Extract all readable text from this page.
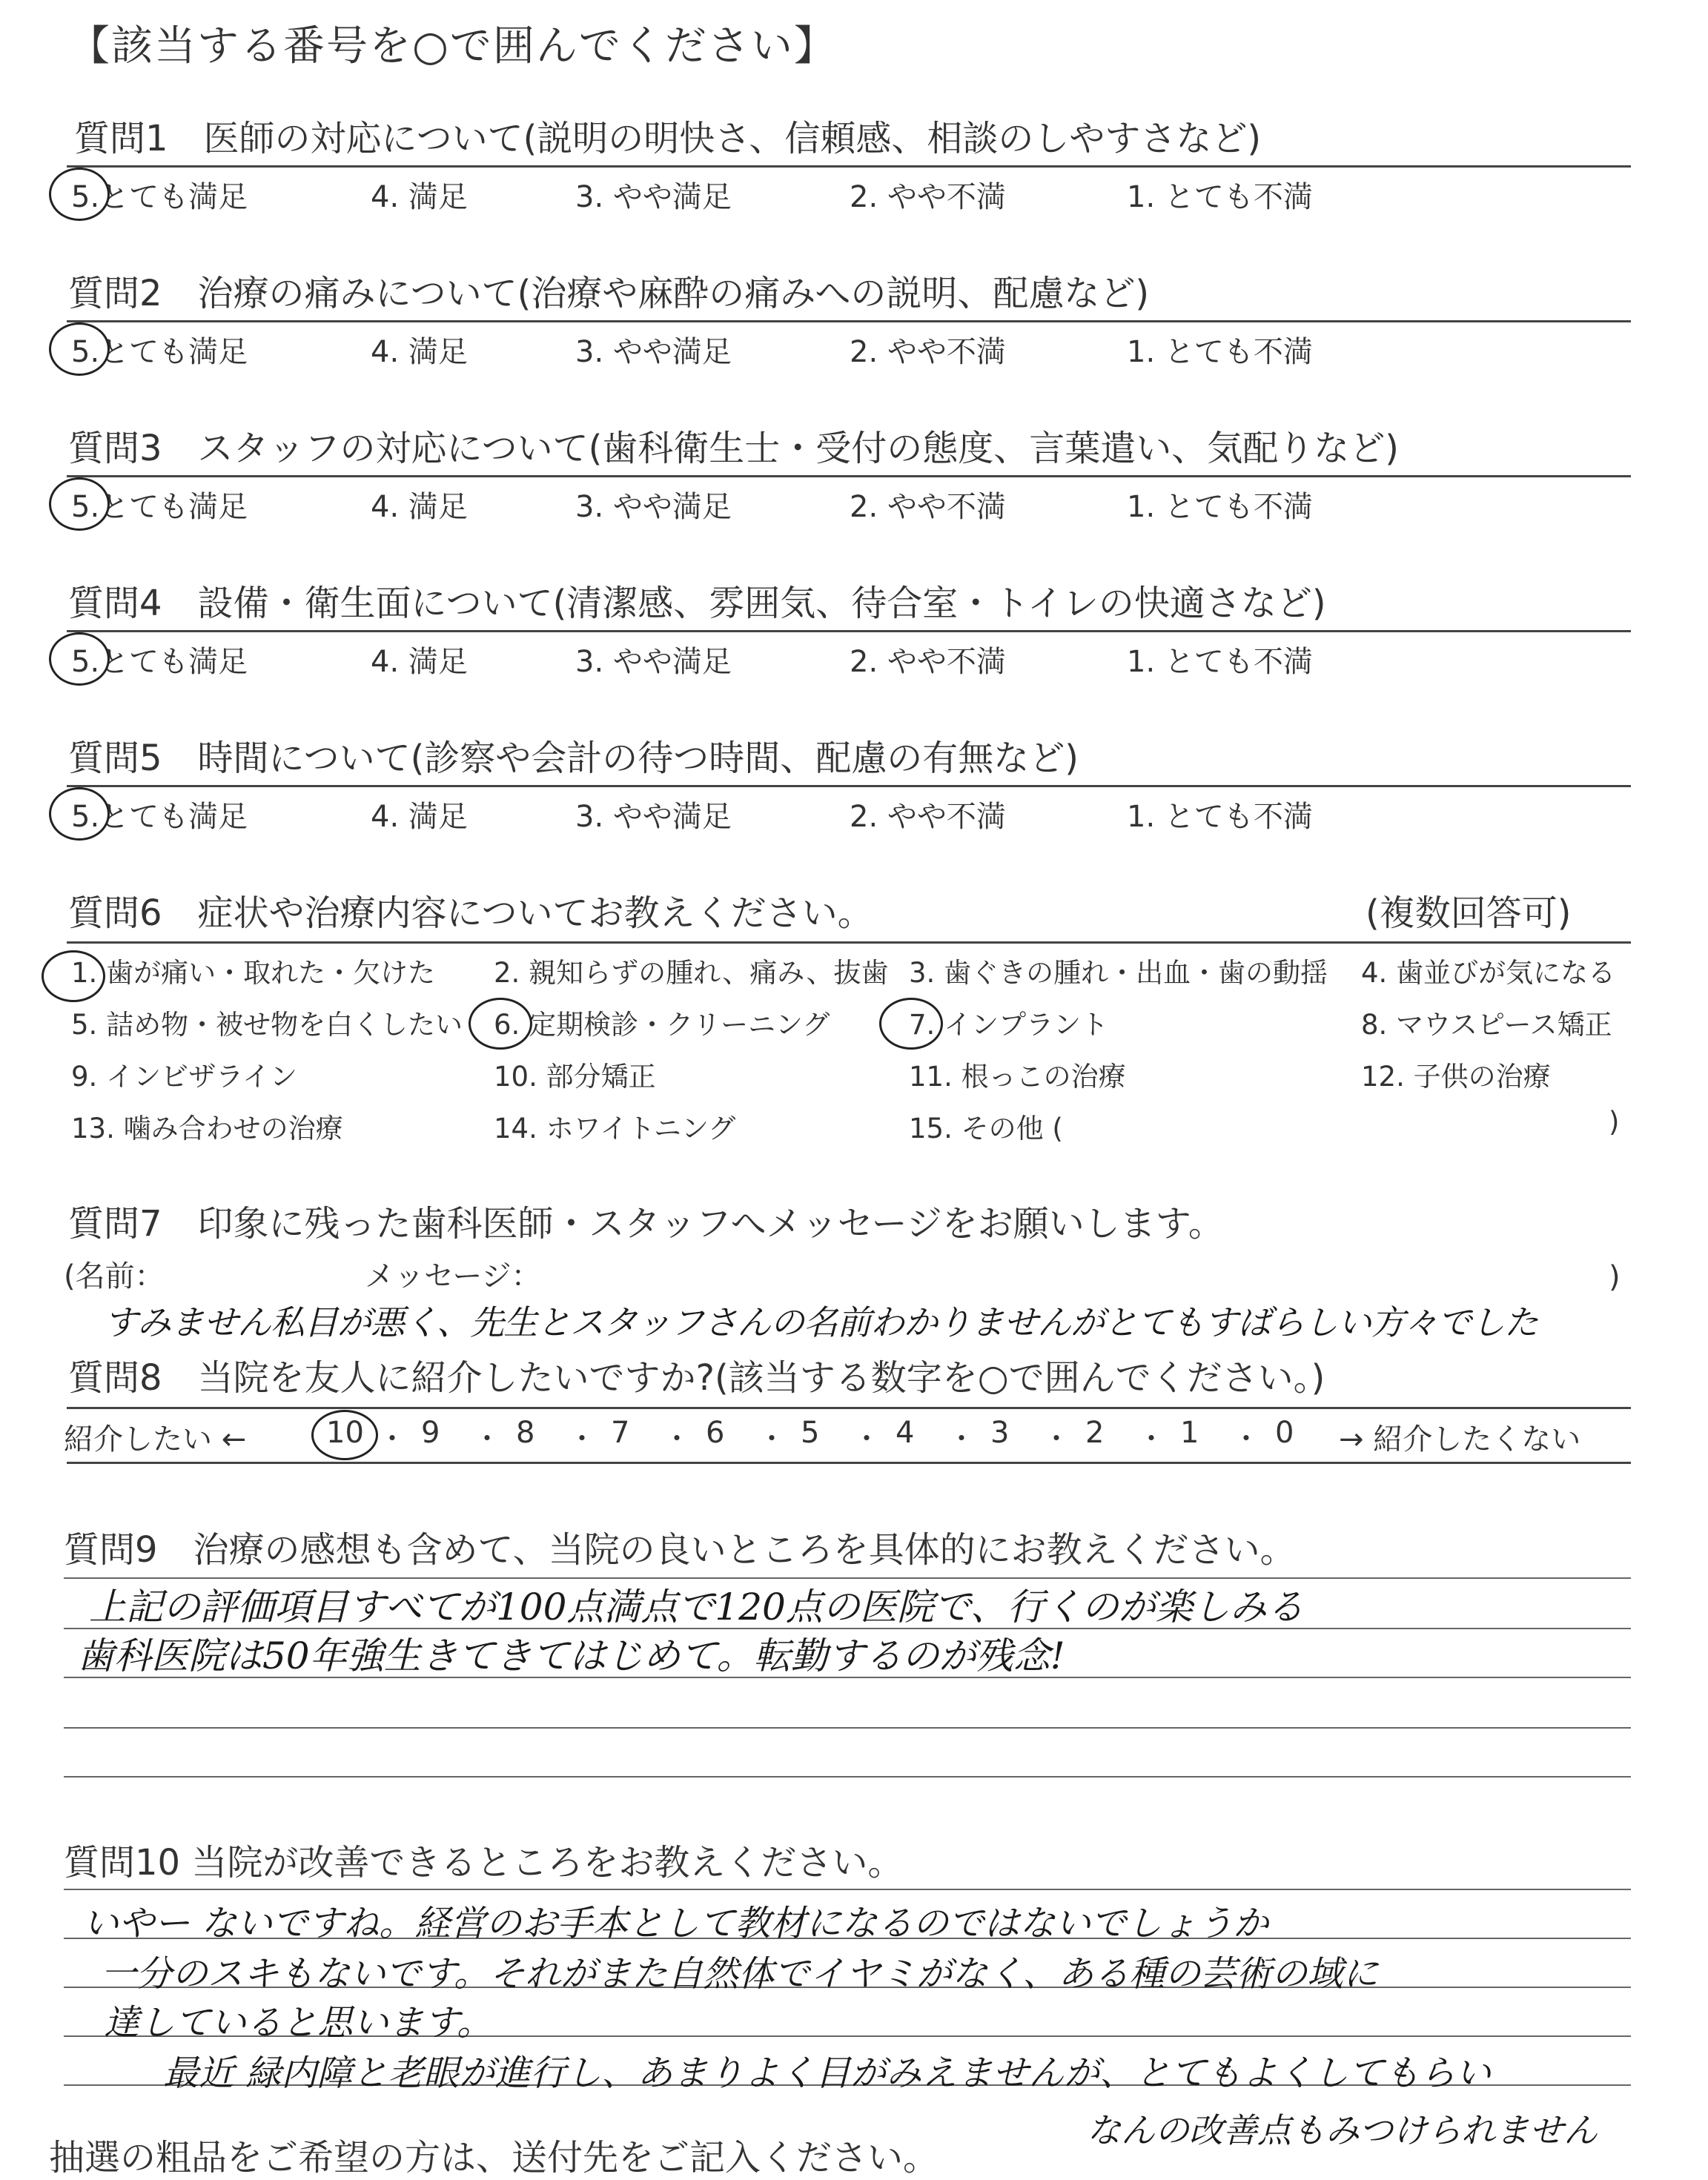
【該当する番号を○で囲んでください】
質問1　医師の対応について(説明の明快さ、信頼感、相談のしやすさなど)
5.とても満足	4. 満足	3. やや満足	2. やや不満	1. とても不満
質問2　治療の痛みについて(治療や麻酔の痛みへの説明、配慮など)
5.とても満足	4. 満足	3. やや満足	2. やや不満	1. とても不満
質問3　スタッフの対応について(歯科衛生士・受付の態度、言葉遣い、気配りなど)
5.とても満足	4. 満足	3. やや満足	2. やや不満	1. とても不満
質問4　設備・衛生面について(清潔感、雰囲気、待合室・トイレの快適さなど)
5.とても満足	4. 満足	3. やや満足	2. やや不満	1. とても不満
質問5　時間について(診察や会計の待つ時間、配慮の有無など)
5.とても満足	4. 満足	3. やや満足	2. やや不満	1. とても不満
質問6　症状や治療内容についてお教えください。	(複数回答可)
1. 歯が痛い・取れた・欠けた 2. 親知らずの腫れ、痛み、抜歯 3. 歯ぐきの腫れ・出血・歯の動揺 4. 歯並びが気になる
5. 詰め物・被せ物を白くしたい 6. 定期検診・クリーニング	7. インプラント	8. マウスピース矯正
9. インビザライン	10. 部分矯正	11. 根っこの治療	12. 子供の治療
13. 噛み合わせの治療	14. ホワイトニング	15. その他 (	)
質問7　印象に残った歯科医師・スタッフへメッセージをお願いします。
(名前：	メッセージ：	)
すみません私目が悪く、先生とスタッフさんの名前わかりませんがとてもすばらしい方々でした
質問8　当院を友人に紹介したいですか?(該当する数字を○で囲んでください。)
紹介したい ←	10 ・ 9 ・ 8 ・ 7 ・ 6 ・ 5 ・ 4 ・ 3 ・ 2 ・ 1 ・ 0 → 紹介したくない
質問9　治療の感想も含めて、当院の良いところを具体的にお教えください。
上記の評価項目すべてが100点満点で120点の医院で、行くのが楽しみる
歯科医院は50年強生きてきてはじめて。転勤するのが残念!
質問10 当院が改善できるところをお教えください。
いやー ないですね。経営のお手本として教材になるのではないでしょうか
一分のスキもないです。それがまた自然体でイヤミがなく、ある種の芸術の域に
達していると思います。
最近 緑内障と老眼が進行し、あまりよく目がみえませんが、とてもよくしてもらい
なんの改善点もみつけられません
抽選の粗品をご希望の方は、送付先をご記入ください。
